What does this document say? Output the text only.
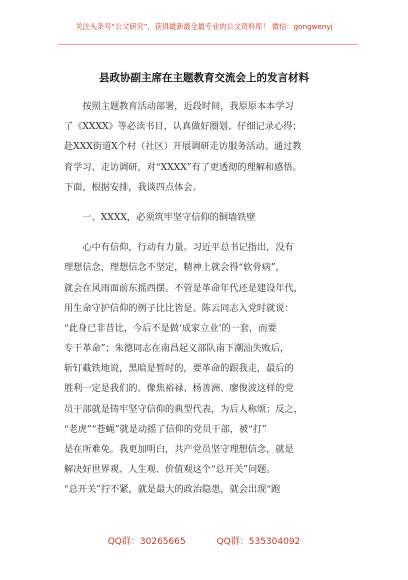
关注头条号“公文研究”，获得最新最全最专业的公文资料库！ 微信：gongwenyj
县政协副主席在主题教育交流会上的发言材料
按照主题教育活动部署，近段时间，我原原本本学习
了《XXXX》等必读书目，认真做好圈划、仔细记录心得；
赴XXX街道X个村（社区）开展调研走访服务活动。通过教
育学习、走访调研，对“XXXX”有了更透彻的理解和感悟。
下面，根据安排，我谈四点体会。
一、XXXX，必须筑牢坚守信仰的铜墙铁壁
心中有信仰，行动有力量。习近平总书记指出，没有
理想信念，理想信念不坚定，精神上就会得“软骨病”，
就会在风雨面前东摇西摆。不管是革命年代还是建设年代，
用生命守护信仰的例子比比皆是。陈云同志入党时就说：
“此身已非昔比，今后不是做‘成家立业’的一套，而要
专干革命”；朱德同志在南昌起义部队南下潮汕失败后，
斩钉截铁地说，黑暗是暂时的，要革命的跟我走，最后的
胜利一定是我们的。像焦裕禄、杨善洲、廖俊波这样的党
员干部就是铸牢坚守信仰的典型代表，为后人称颂；反之，
“老虎”“苍蝇”就是动摇了信仰的党员干部，被“打”
是在所难免。我更加明白，共产党员坚守理想信念，就是
解决好世界观、人生观、价值观这个“总开关”问题。
“总开关”拧不紧，就是最大的政治隐患，就会出现“跑
QQ群：30265665	QQ群：535304092
